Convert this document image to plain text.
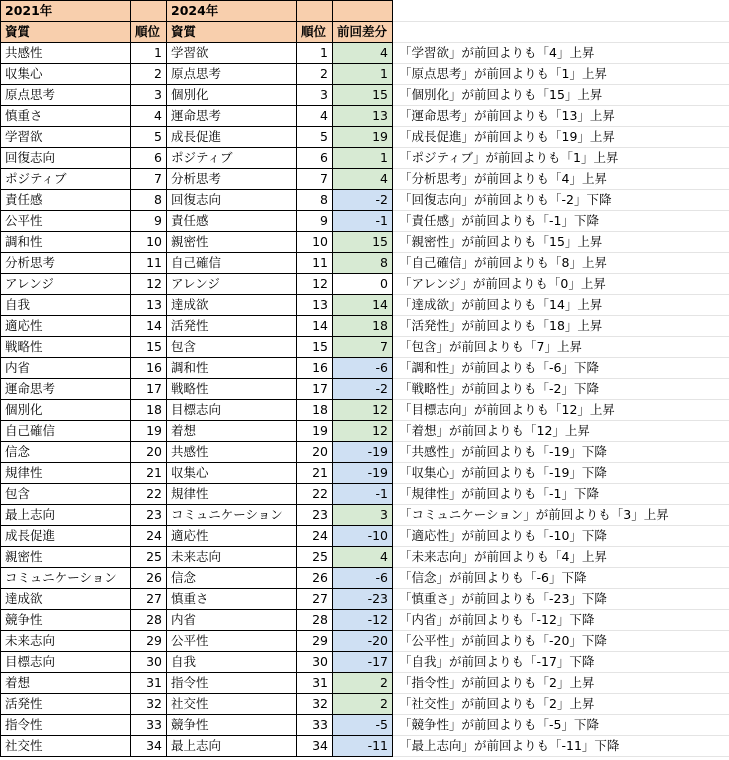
2021年		2024年			
資質	順位	資質	順位	前回差分	
共感性	1	学習欲	1	4	「学習欲」が前回よりも「4」上昇
収集心	2	原点思考	2	1	「原点思考」が前回よりも「1」上昇
原点思考	3	個別化	3	15	「個別化」が前回よりも「15」上昇
慎重さ	4	運命思考	4	13	「運命思考」が前回よりも「13」上昇
学習欲	5	成長促進	5	19	「成長促進」が前回よりも「19」上昇
回復志向	6	ポジティブ	6	1	「ポジティブ」が前回よりも「1」上昇
ポジティブ	7	分析思考	7	4	「分析思考」が前回よりも「4」上昇
責任感	8	回復志向	8	-2	「回復志向」が前回よりも「-2」下降
公平性	9	責任感	9	-1	「責任感」が前回よりも「-1」下降
調和性	10	親密性	10	15	「親密性」が前回よりも「15」上昇
分析思考	11	自己確信	11	8	「自己確信」が前回よりも「8」上昇
アレンジ	12	アレンジ	12	0	「アレンジ」が前回よりも「0」上昇
自我	13	達成欲	13	14	「達成欲」が前回よりも「14」上昇
適応性	14	活発性	14	18	「活発性」が前回よりも「18」上昇
戦略性	15	包含	15	7	「包含」が前回よりも「7」上昇
内省	16	調和性	16	-6	「調和性」が前回よりも「-6」下降
運命思考	17	戦略性	17	-2	「戦略性」が前回よりも「-2」下降
個別化	18	目標志向	18	12	「目標志向」が前回よりも「12」上昇
自己確信	19	着想	19	12	「着想」が前回よりも「12」上昇
信念	20	共感性	20	-19	「共感性」が前回よりも「-19」下降
規律性	21	収集心	21	-19	「収集心」が前回よりも「-19」下降
包含	22	規律性	22	-1	「規律性」が前回よりも「-1」下降
最上志向	23	コミュニケーション	23	3	「コミュニケーション」が前回よりも「3」上昇
成長促進	24	適応性	24	-10	「適応性」が前回よりも「-10」下降
親密性	25	未来志向	25	4	「未来志向」が前回よりも「4」上昇
コミュニケーション	26	信念	26	-6	「信念」が前回よりも「-6」下降
達成欲	27	慎重さ	27	-23	「慎重さ」が前回よりも「-23」下降
競争性	28	内省	28	-12	「内省」が前回よりも「-12」下降
未来志向	29	公平性	29	-20	「公平性」が前回よりも「-20」下降
目標志向	30	自我	30	-17	「自我」が前回よりも「-17」下降
着想	31	指令性	31	2	「指令性」が前回よりも「2」上昇
活発性	32	社交性	32	2	「社交性」が前回よりも「2」上昇
指令性	33	競争性	33	-5	「競争性」が前回よりも「-5」下降
社交性	34	最上志向	34	-11	「最上志向」が前回よりも「-11」下降
